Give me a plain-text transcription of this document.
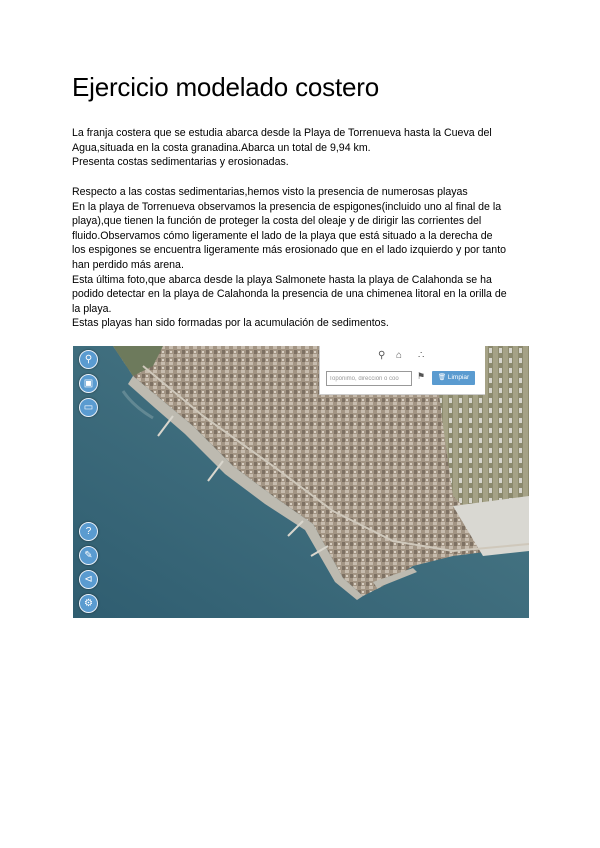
Ejercicio modelado costero
La franja costera que se estudia abarca desde la Playa de Torrenueva hasta la Cueva del
Agua,situada en la costa granadina.Abarca un total de 9,94 km.
Presenta costas sedimentarias y erosionadas.
Respecto a las costas sedimentarias,hemos visto la presencia de numerosas playas
En la playa de Torrenueva observamos la presencia de espigones(incluido uno al final de la
playa),que tienen la función de proteger la costa del oleaje y de dirigir las corrientes del
fluido.Observamos cómo ligeramente el lado de la playa que está situado a la derecha de
los espigones se encuentra ligeramente más erosionado que en el lado izquierdo y por tanto
han perdido más arena.
Esta última foto,que abarca desde la playa Salmonete hasta la playa de Calahonda se ha
podido detectar en la playa de Calahonda la presencia de una chimenea litoral en la orilla de
la playa.
Estas playas han sido formadas por la acumulación de sedimentos.
⚲
▣
▭
?
✎
⊲
⚙
⚲ ⌂ ∴
Topónimo, dirección o coo
⚑	🗑 Limpiar
